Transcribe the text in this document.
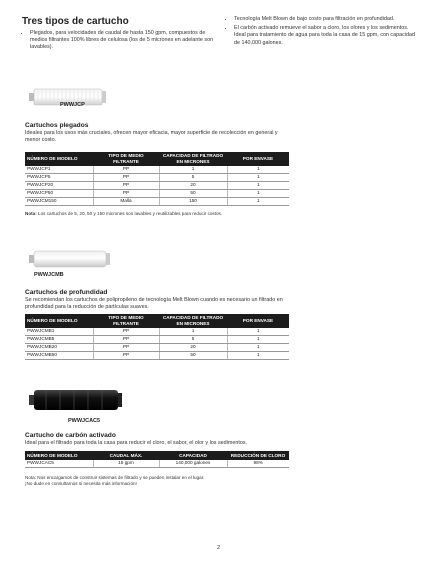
Tres tipos de cartucho
• Plegados, para velocidades de caudal de hasta 150 gpm, compuestos de medios filtrantes 100% libres de celulosa (los de 5 micrones en adelante son lavables).
• Tecnología Melt Blown de bajo costo para filtración en profundidad.
• El carbón activado remueve el sabor a cloro, los olores y los sedimentos. Ideal para tratamiento de agua para toda la casa de 15 gpm, con capacidad de 140,000 galones.
PWWJCP
Cartuchos plegados
Ideales para los usos más cruciales, ofrecen mayor eficacia, mayor superficie de recolección en general y menor costo.
NÚMERO DE MODELO	TIPO DE MEDIO FILTRANTE	CAPACIDAD DE FILTRADO EN MICRONES	POR ENVASE
PWWJCP1	PP	1	1
PWWJCP5	PP	5	1
PWWJCP20	PP	20	1
PWWJCP50	PP	50	1
PWWJCM150	Malla	150	1
Nota: Los cartuchos de 5, 20, 50 y 150 micrones son lavables y reutilizables para reducir costos.
PWWJCMB
Cartuchos de profundidad
Se recomiendan los cartuchos de polipropileno de tecnología Melt Blown cuando es necesario un filtrado en profundidad para la reducción de partículas suaves.
NÚMERO DE MODELO	TIPO DE MEDIO FILTRANTE	CAPACIDAD DE FILTRADO EN MICRONES	POR ENVASE
PWWJCMB1	PP	1	1
PWWJCMB5	PP	5	1
PWWJCMB20	PP	20	1
PWWJCMB50	PP	50	1
PWWJCAC5
Cartucho de carbón activado
Ideal para el filtrado para toda la casa para reducir el cloro, el sabor, el olor y los sedimentos.
NÚMERO DE MODELO	CAUDAL MÁX.	CAPACIDAD	REDUCCIÓN DE CLORO
PWWJCAC5	15 gpm	140,000 galones	98%
Nota: Nos encargamos de construir sistemas de filtrado y se pueden instalar en el lugar.
¡No dude en consultarnos si necesita más información!
2
